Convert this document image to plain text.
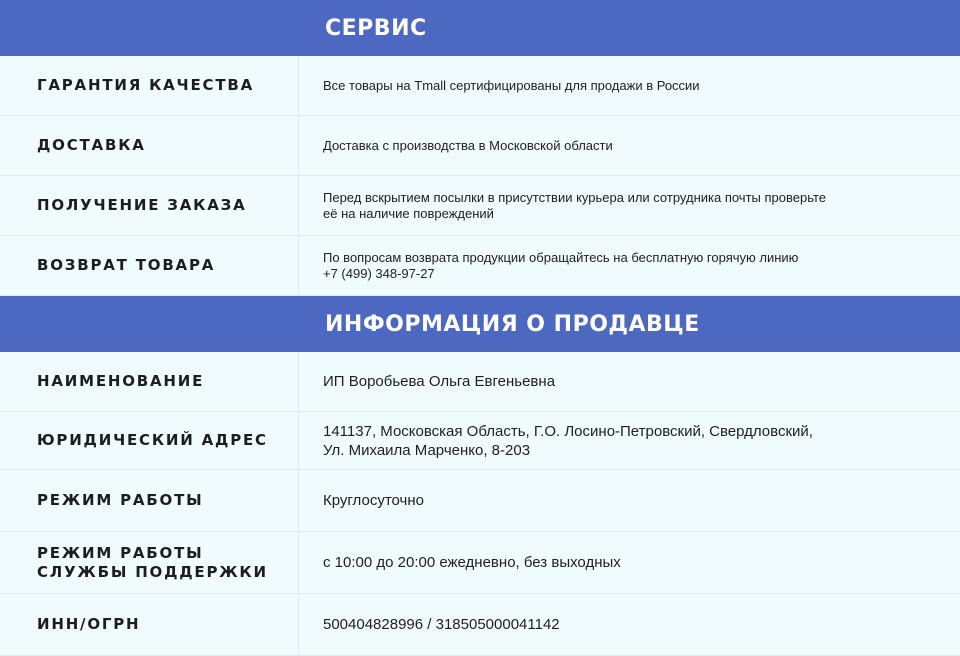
СЕРВИС
ГАРАНТИЯ КАЧЕСТВА	Все товары на Tmall сертифицированы для продажи в России
ДОСТАВКА	Доставка с производства в Московской области
ПОЛУЧЕНИЕ ЗАКАЗА	Перед вскрытием посылки в присутствии курьера или сотрудника почты проверьте
её на наличие повреждений
ВОЗВРАТ ТОВАРА	По вопросам возврата продукции обращайтесь на бесплатную горячую линию
+7 (499) 348-97-27
ИНФОРМАЦИЯ О ПРОДАВЦЕ
НАИМЕНОВАНИЕ	ИП Воробьева Ольга Евгеньевна
ЮРИДИЧЕСКИЙ АДРЕС	141137, Московская Область, Г.О. Лосино-Петровский, Свердловский,
Ул. Михаила Марченко, 8-203
РЕЖИМ РАБОТЫ	Круглосуточно
РЕЖИМ РАБОТЫ
СЛУЖБЫ ПОДДЕРЖКИ	с 10:00 до 20:00 ежедневно, без выходных
ИНН/ОГРН	500404828996 / 318505000041142
